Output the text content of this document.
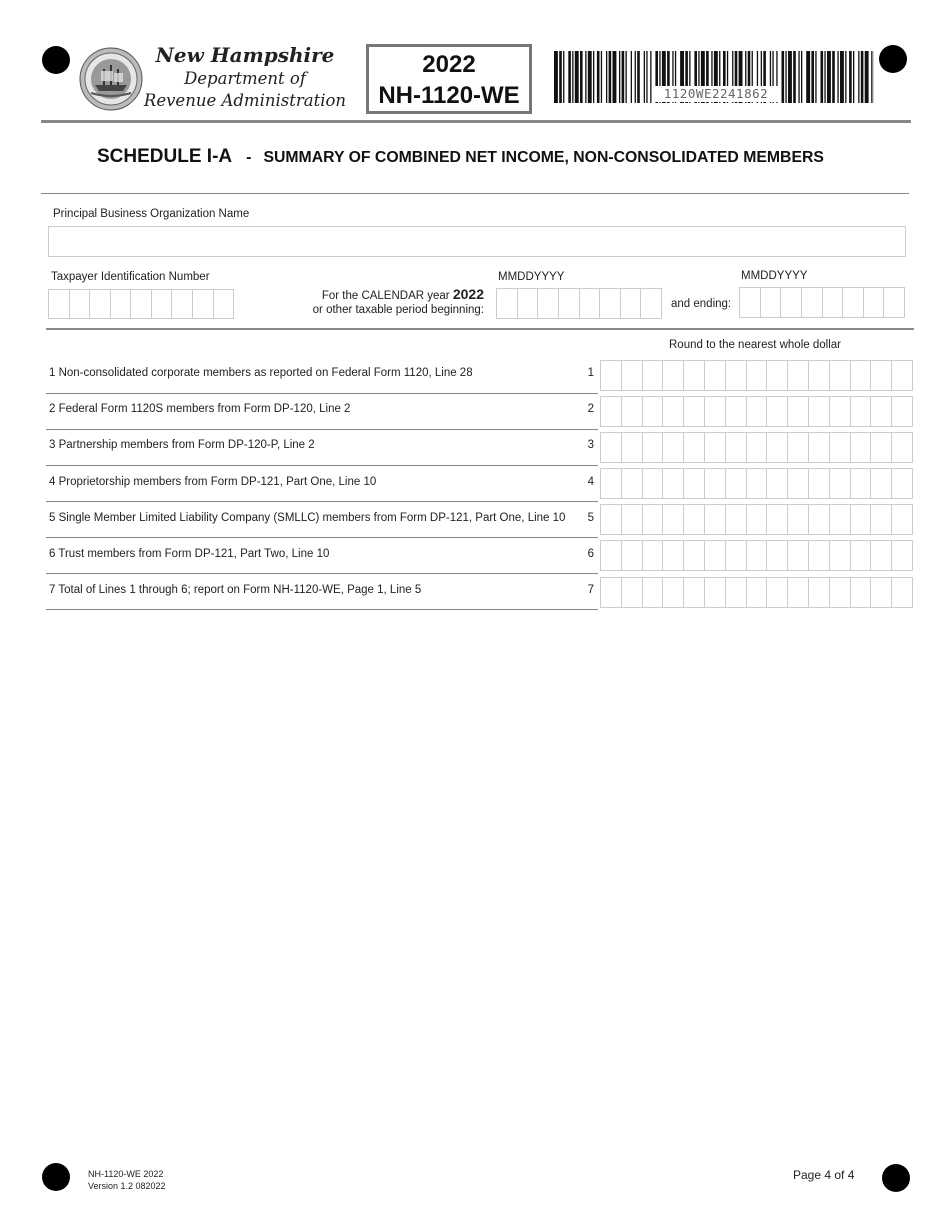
New Hampshire
Department of
Revenue Administration
2022
NH-1120-WE	1120WE2241862
SCHEDULE I-A - SUMMARY OF COMBINED NET INCOME, NON-CONSOLIDATED MEMBERS
Principal Business Organization Name
Taxpayer Identification Number
For the CALENDAR year 2022
or other taxable period beginning:
MMDDYYYY
and ending:
MMDDYYYY
Round to the nearest whole dollar
1 Non-consolidated corporate members as reported on Federal Form 1120, Line 28	1
2 Federal Form 1120S members from Form DP-120, Line 2	2
3 Partnership members from Form DP-120-P, Line 2	3
4 Proprietorship members from Form DP-121, Part One, Line 10	4
5 Single Member Limited Liability Company (SMLLC) members from Form DP-121, Part One, Line 10	5
6 Trust members from Form DP-121, Part Two, Line 10	6
7 Total of Lines 1 through 6; report on Form NH-1120-WE, Page 1, Line 5	7
NH-1120-WE 2022
Version 1.2 082022
Page 4 of 4
